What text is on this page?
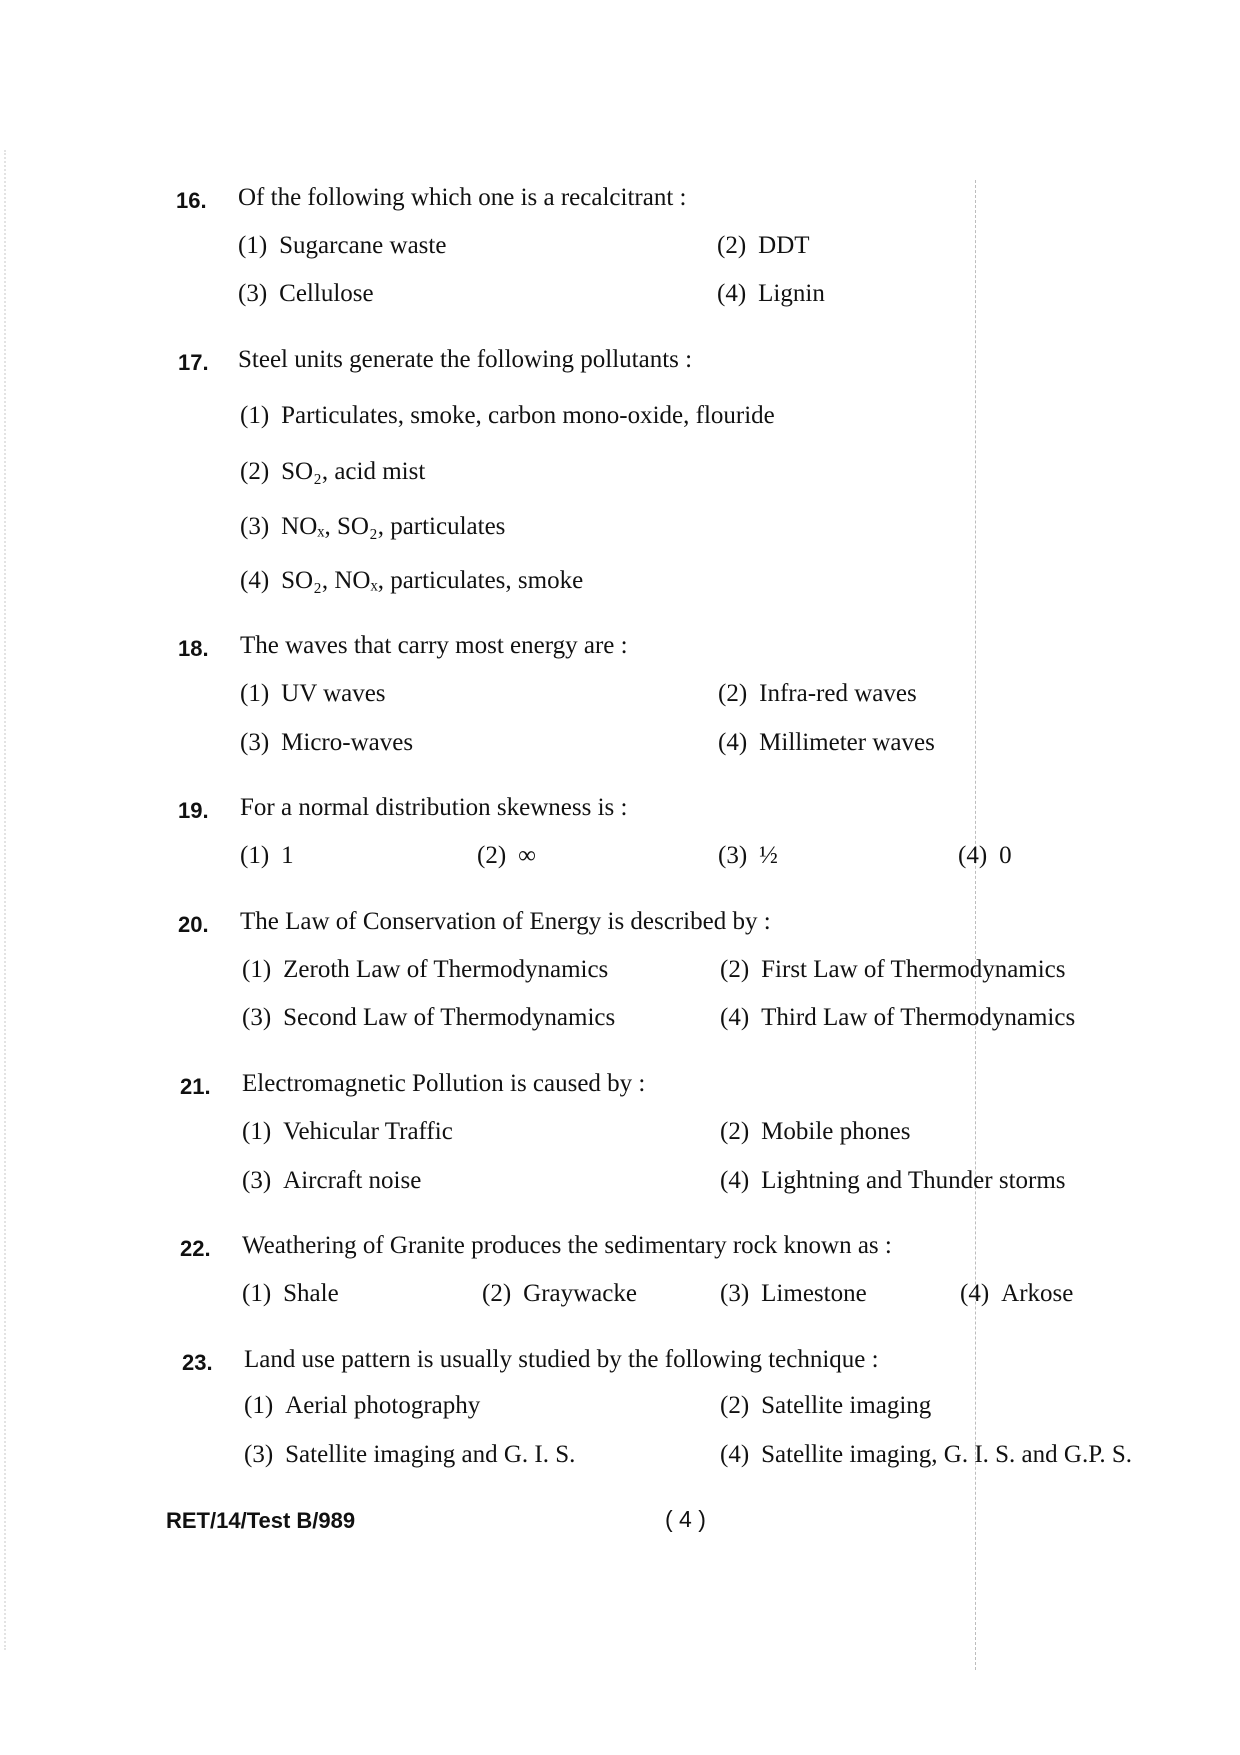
16. Of the following which one is a recalcitrant :
(1) Sugarcane waste	(2) DDT
(3) Cellulose	(4) Lignin
17. Steel units generate the following pollutants :
(1) Particulates, smoke, carbon mono-oxide, flouride
(2) SO₂, acid mist
(3) NOₓ, SO₂, particulates
(4) SO₂, NOₓ, particulates, smoke
18. The waves that carry most energy are :
(1) UV waves	(2) Infra-red waves
(3) Micro-waves	(4) Millimeter waves
19. For a normal distribution skewness is :
(1) 1	(2) ∞	(3) ½	(4) 0
20. The Law of Conservation of Energy is described by :
(1) Zeroth Law of Thermodynamics	(2) First Law of Thermodynamics
(3) Second Law of Thermodynamics	(4) Third Law of Thermodynamics
21. Electromagnetic Pollution is caused by :
(1) Vehicular Traffic	(2) Mobile phones
(3) Aircraft noise	(4) Lightning and Thunder storms
22. Weathering of Granite produces the sedimentary rock known as :
(1) Shale	(2) Graywacke	(3) Limestone	(4) Arkose
23. Land use pattern is usually studied by the following technique :
(1) Aerial photography	(2) Satellite imaging
(3) Satellite imaging and G. I. S.	(4) Satellite imaging, G. I. S. and G.P. S.
RET/14/Test B/989	( 4 )
